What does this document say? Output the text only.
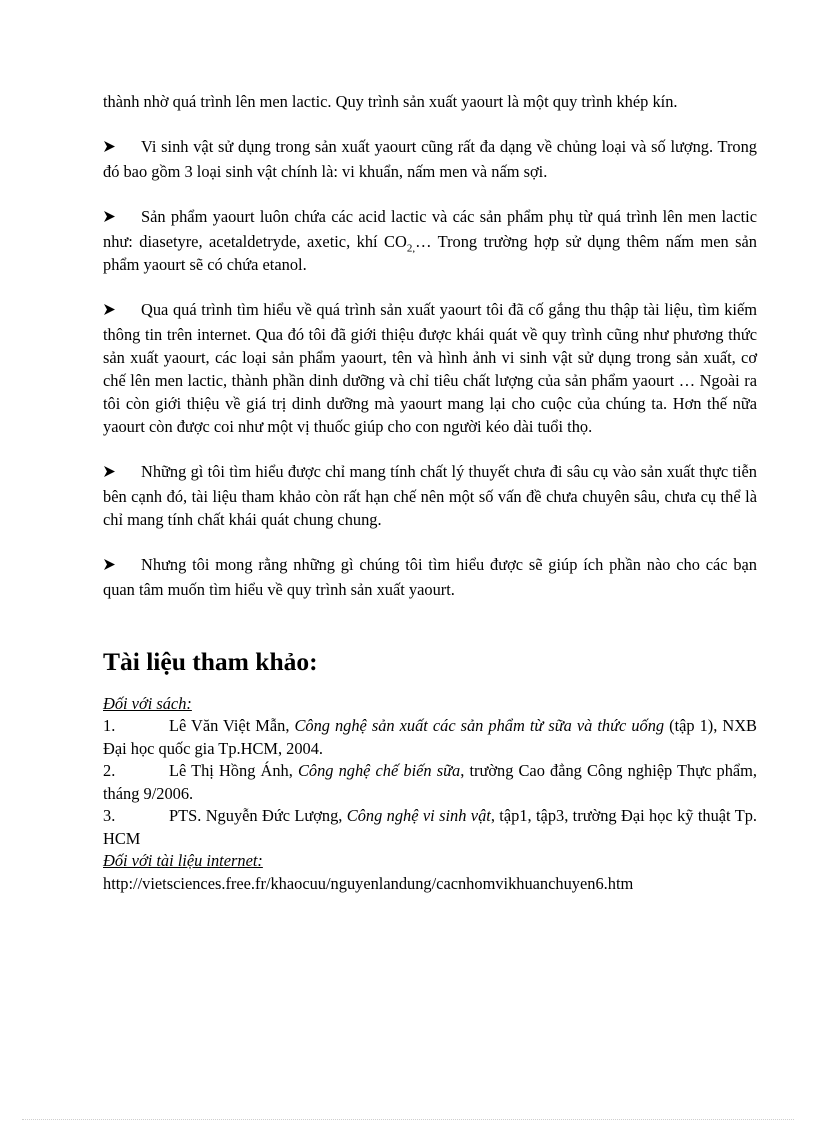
thành nhờ quá trình lên men lactic. Quy trình sản xuất yaourt là một quy trình khép kín.

Vi sinh vật sử dụng trong sản xuất yaourt cũng rất đa dạng về chủng loại và số lượng. Trong đó bao gồm 3 loại sinh vật chính là: vi khuẩn, nấm men và nấm sợi.

Sản phẩm yaourt luôn chứa các acid lactic và các sản phẩm phụ từ quá trình lên men lactic như: diasetyre, acetaldetryde, axetic, khí $CO_{2,}\dots$ Trong trường hợp sử dụng thêm nấm men sản phẩm yaourt sẽ có chứa etanol.

Qua quá trình tìm hiểu về quá trình sản xuất yaourt tôi đã cố gắng thu thập tài liệu, tìm kiếm thông tin trên internet. Qua đó tôi đã giới thiệu được khái quát về quy trình cũng như phương thức sản xuất yaourt, các loại sản phẩm yaourt, tên và hình ảnh vi sinh vật sử dụng trong sản xuất, cơ chế lên men lactic, thành phần dinh dưỡng và chỉ tiêu chất lượng của sản phẩm yaourt … Ngoài ra tôi còn giới thiệu về giá trị dinh dưỡng mà yaourt mang lại cho cuộc của chúng ta. Hơn thế nữa yaourt còn được coi như một vị thuốc giúp cho con người kéo dài tuổi thọ.

Những gì tôi tìm hiểu được chỉ mang tính chất lý thuyết chưa đi sâu cụ vào sản xuất thực tiễn bên cạnh đó, tài liệu tham khảo còn rất hạn chế nên một số vấn đề chưa chuyên sâu, chưa cụ thể là chỉ mang tính chất khái quát chung chung.

Nhưng tôi mong rằng những gì chúng tôi tìm hiểu được sẽ giúp ích phần nào cho các bạn quan tâm muốn tìm hiểu về quy trình sản xuất yaourt.

Tài liệu tham khảo:
Đối với sách:
1.	Lê Văn Việt Mẫn, Công nghệ sản xuất các sản phẩm từ sữa và thức uống (tập 1), NXB Đại học quốc gia Tp.HCM, 2004.
2.	Lê Thị Hồng Ánh, Công nghệ chế biến sữa, trường Cao đẳng Công nghiệp Thực phẩm, tháng 9/2006.
3.	PTS. Nguyễn Đức Lượng, Công nghệ vi sinh vật, tập1, tập3, trường Đại học kỹ thuật Tp. HCM
Đối với tài liệu internet:
http://vietsciences.free.fr/khaocuu/nguyenlandung/cacnhomvikhuanchuyen6.htm
